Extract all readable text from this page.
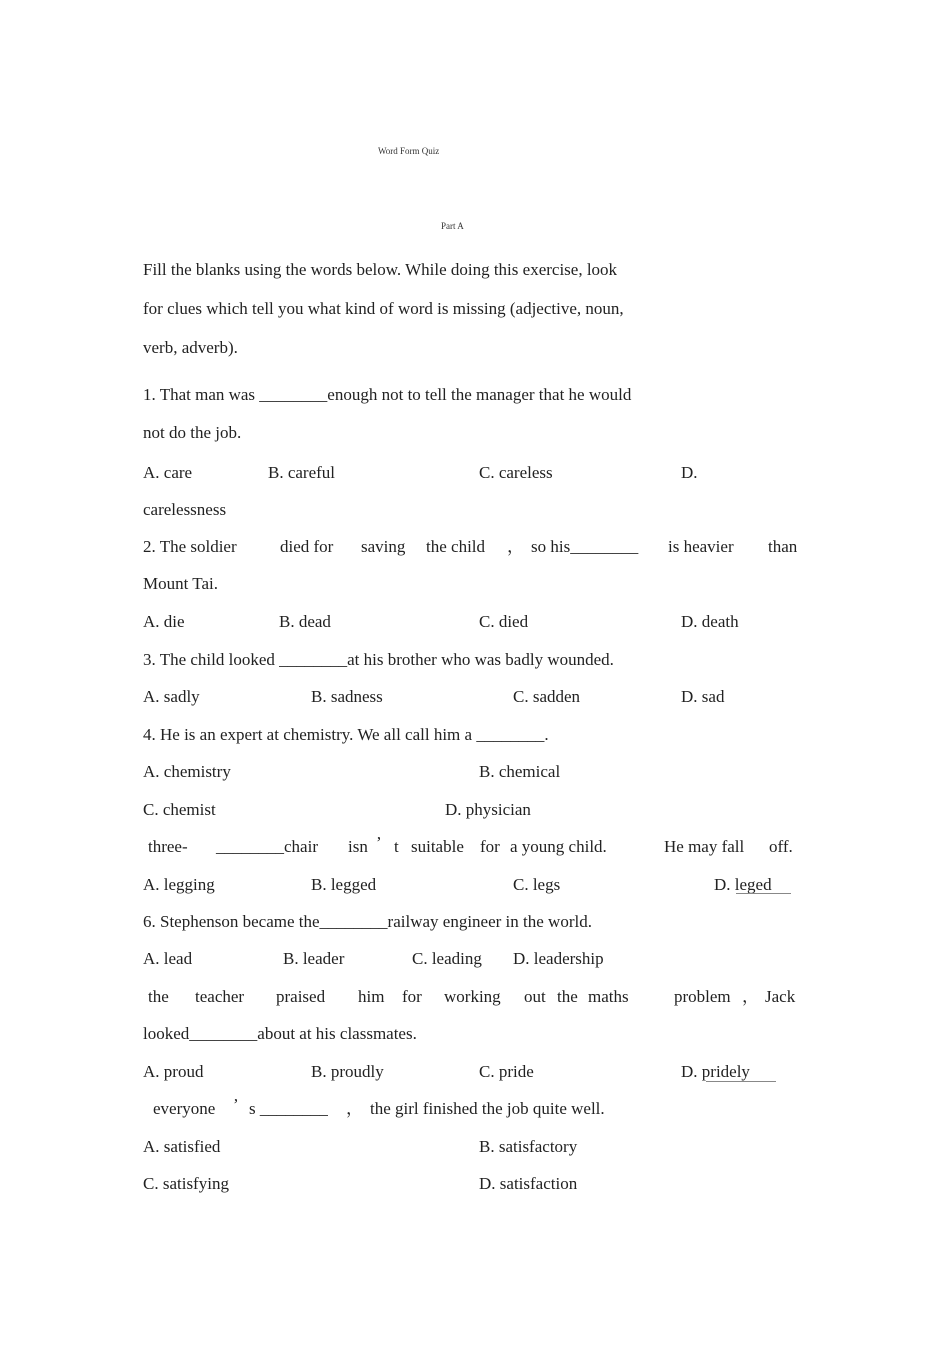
Word Form Quiz
Part A
Fill the blanks using the words below. While doing this exercise, look
for clues which tell you what kind of word is missing (adjective, noun,
verb, adverb).
1. That man was ________enough not to tell the manager that he would
not do the job.
A. care	B. careful	C. careless	D.
carelessness
2. The soldier	died for saving the child ， so his________ is heavier than
Mount Tai.
A. die	B. dead	C. died	D. death
3. The child looked ________at his brother who was badly wounded.
A. sadly	B. sadness	C. sadden	D. sad
4. He is an expert at chemistry. We all call him a ________.
A. chemistry	B. chemical
C. chemist	D. physician
three- ________chair isn ’ t suitable for a young child.	He may fall off.
A. legging	B. legged	C. legs	D. leged
6. Stephenson became the________railway engineer in the world.
A. lead	B. leader	C. leading D. leadership
the teacher praised him for working out the maths	problem ， Jack
looked________about at his classmates.
A. proud	B. proudly	C. pride	D. pridely
everyone ’ s ________ ， the girl finished the job quite well.
A. satisfied	B. satisfactory
C. satisfying	D. satisfaction
